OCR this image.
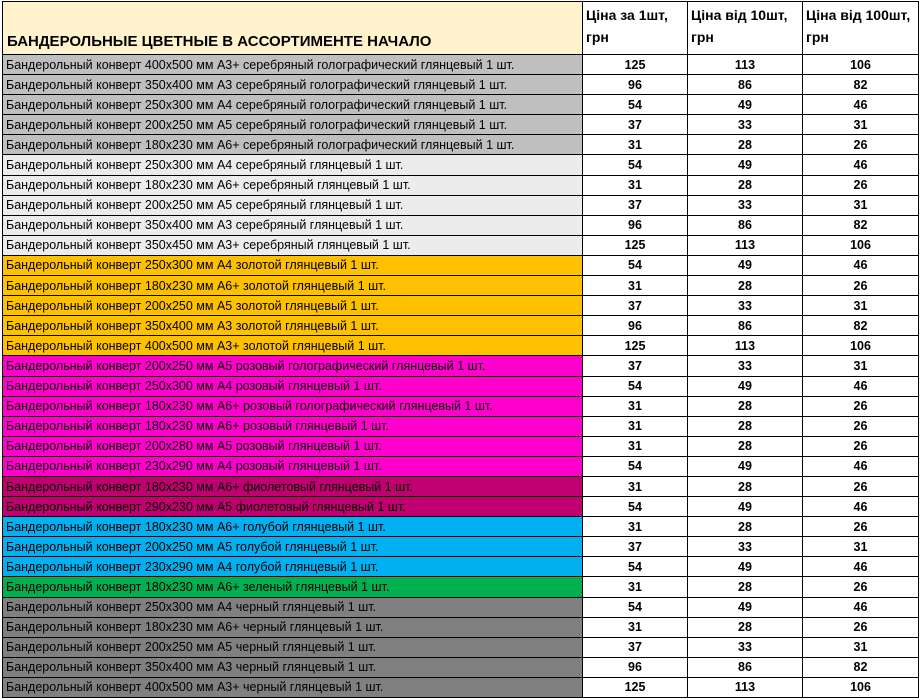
БАНДЕРОЛЬНЫЕ ЦВЕТНЫЕ В АССОРТИМЕНТЕ НАЧАЛО	Ціна за 1шт, грн	Ціна від 10шт, грн	Ціна від 100шт, грн
Бандерольный конверт 400x500 мм А3+ серебряный голографический глянцевый 1 шт.	125	113	106
Бандерольный конверт 350x400 мм А3 серебряный голографический глянцевый 1 шт.	96	86	82
Бандерольный конверт 250x300 мм А4 серебряный голографический глянцевый 1 шт.	54	49	46
Бандерольный конверт 200x250 мм А5 серебряный голографический глянцевый 1 шт.	37	33	31
Бандерольный конверт 180x230 мм А6+ серебряный голографический глянцевый 1 шт.	31	28	26
Бандерольный конверт 250x300 мм А4 серебряный глянцевый 1 шт.	54	49	46
Бандерольный конверт 180x230 мм А6+ серебряный глянцевый 1 шт.	31	28	26
Бандерольный конверт 200x250 мм А5 серебряный глянцевый 1 шт.	37	33	31
Бандерольный конверт 350x400 мм А3 серебряный глянцевый 1 шт.	96	86	82
Бандерольный конверт 350x450 мм А3+ серебряный глянцевый 1 шт.	125	113	106
Бандерольный конверт 250x300 мм А4 золотой глянцевый 1 шт.	54	49	46
Бандерольный конверт 180x230 мм А6+ золотой глянцевый 1 шт.	31	28	26
Бандерольный конверт 200x250 мм А5 золотой глянцевый 1 шт.	37	33	31
Бандерольный конверт 350x400 мм А3 золотой глянцевый 1 шт.	96	86	82
Бандерольный конверт 400x500 мм А3+ золотой глянцевый 1 шт.	125	113	106
Бандерольный конверт 200x250 мм А5 розовый голографический глянцевый 1 шт.	37	33	31
Бандерольный конверт 250x300 мм А4 розовый глянцевый 1 шт.	54	49	46
Бандерольный конверт 180x230 мм А6+ розовый голографический глянцевый 1 шт.	31	28	26
Бандерольный конверт 180x230 мм А6+ розовый глянцевый 1 шт.	31	28	26
Бандерольный конверт 200x280 мм А5 розовый глянцевый 1 шт.	31	28	26
Бандерольный конверт 230x290 мм А4 розовый глянцевый 1 шт.	54	49	46
Бандерольный конверт 180x230 мм А6+ фиолетовый глянцевый 1 шт.	31	28	26
Бандерольный конверт 290x230 мм А5 фиолетовый глянцевый 1 шт.	54	49	46
Бандерольный конверт 180x230 мм А6+ голубой глянцевый 1 шт.	31	28	26
Бандерольный конверт 200x250 мм А5 голубой глянцевый 1 шт.	37	33	31
Бандерольный конверт 230x290 мм А4 голубой глянцевый 1 шт.	54	49	46
Бандерольный конверт 180x230 мм А6+ зеленый глянцевый 1 шт.	31	28	26
Бандерольный конверт 250x300 мм А4 черный глянцевый 1 шт.	54	49	46
Бандерольный конверт 180x230 мм А6+ черный глянцевый 1 шт.	31	28	26
Бандерольный конверт 200x250 мм А5 черный глянцевый 1 шт.	37	33	31
Бандерольный конверт 350x400 мм А3 черный глянцевый 1 шт.	96	86	82
Бандерольный конверт 400x500 мм А3+ черный глянцевый 1 шт.	125	113	106
